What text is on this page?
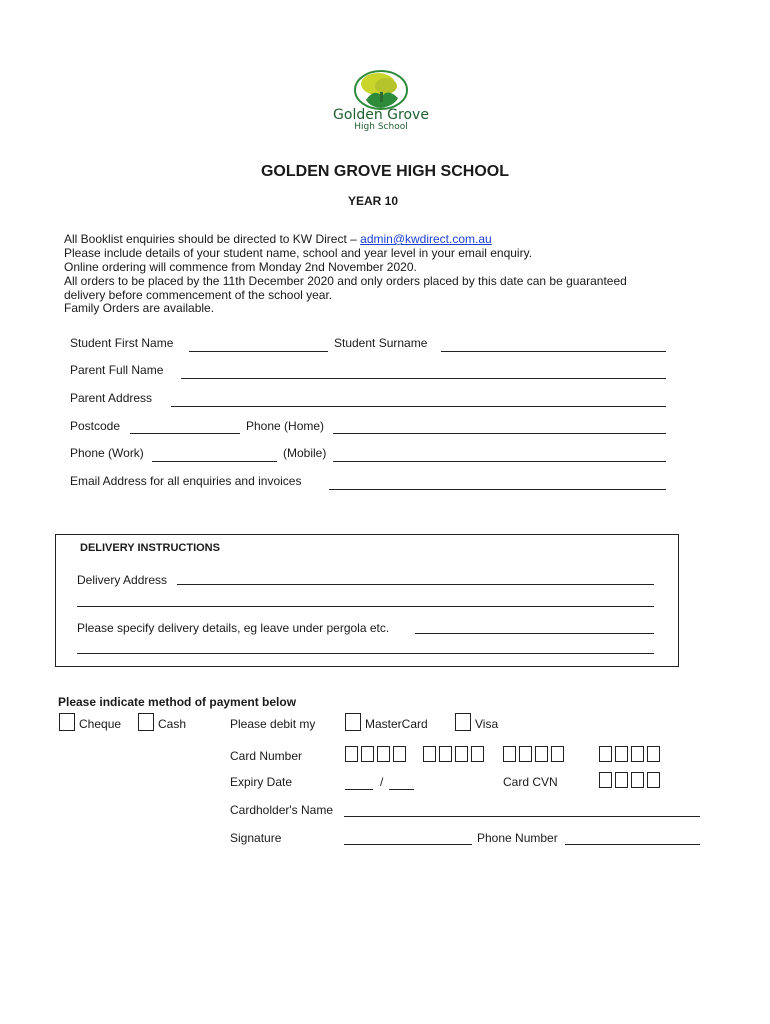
Golden Grove
High School
GOLDEN GROVE HIGH SCHOOL
YEAR 10
All Booklist enquiries should be directed to KW Direct – admin@kwdirect.com.au
Please include details of your student name, school and year level in your email enquiry.
Online ordering will commence from Monday 2nd November 2020.
All orders to be placed by the 11th December 2020 and only orders placed by this date can be guaranteed
delivery before commencement of the school year.
Family Orders are available.
Student First Name	Student Surname
Parent Full Name
Parent Address
Postcode	Phone (Home)
Phone (Work)	(Mobile)
Email Address for all enquiries and invoices
DELIVERY INSTRUCTIONS
Delivery Address
Please specify delivery details, eg leave under pergola etc.
Please indicate method of payment below
Cheque	Cash	Please debit my	MasterCard	Visa
Card Number
Expiry Date	/	Card CVN
Cardholder's Name
Signature	Phone Number
